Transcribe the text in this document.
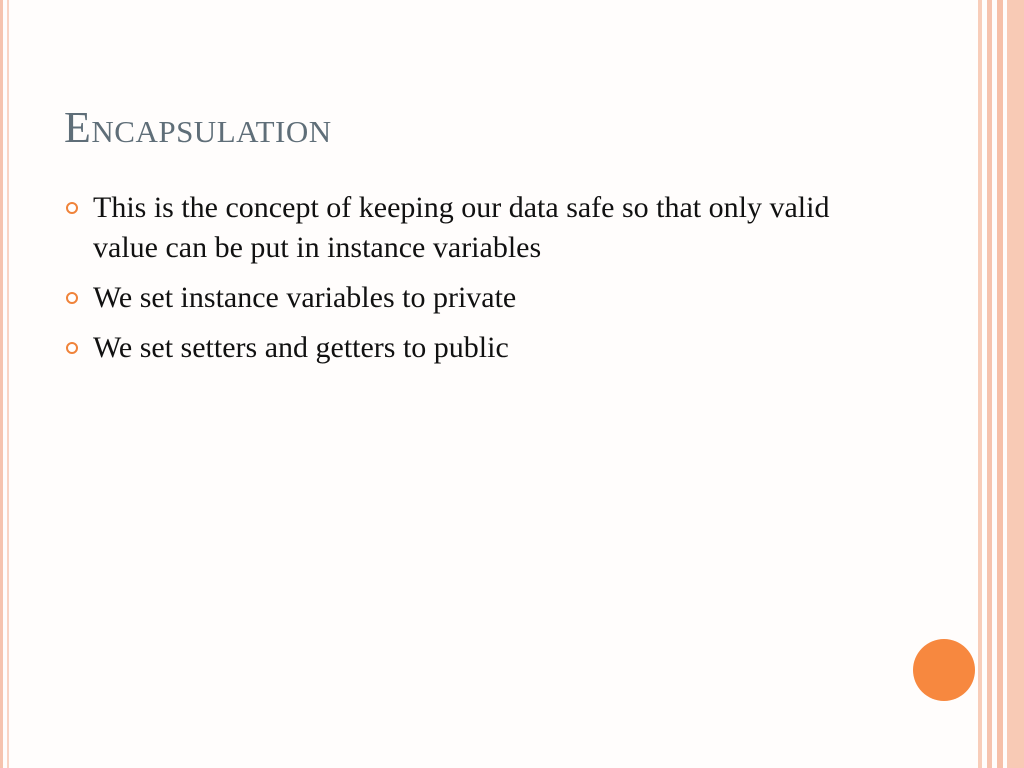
Encapsulation
This is the concept of keeping our data safe so that only valid value can be put in instance variables
We set instance variables to private
We set setters and getters to public
